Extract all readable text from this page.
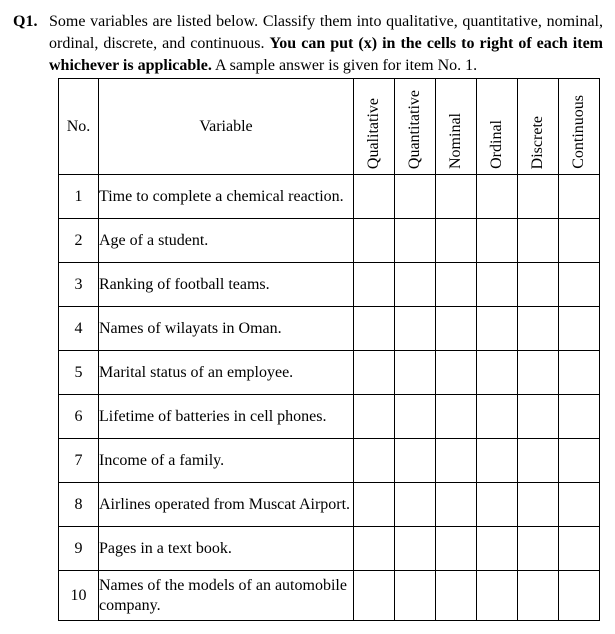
Q1. Some variables are listed below. Classify them into qualitative, quantitative, nominal,
ordinal, discrete, and continuous. You can put (x) in the cells to right of each item
whichever is applicable. A sample answer is given for item No. 1.
No.	Variable	Qualitative	Quantitative	Nominal	Ordinal	Discrete	Continuous
1	Time to complete a chemical reaction.						
2	Age of a student.						
3	Ranking of football teams.						
4	Names of wilayats in Oman.						
5	Marital status of an employee.						
6	Lifetime of batteries in cell phones.						
7	Income of a family.						
8	Airlines operated from Muscat Airport.						
9	Pages in a text book.						
10	Names of the models of an automobile company.						
